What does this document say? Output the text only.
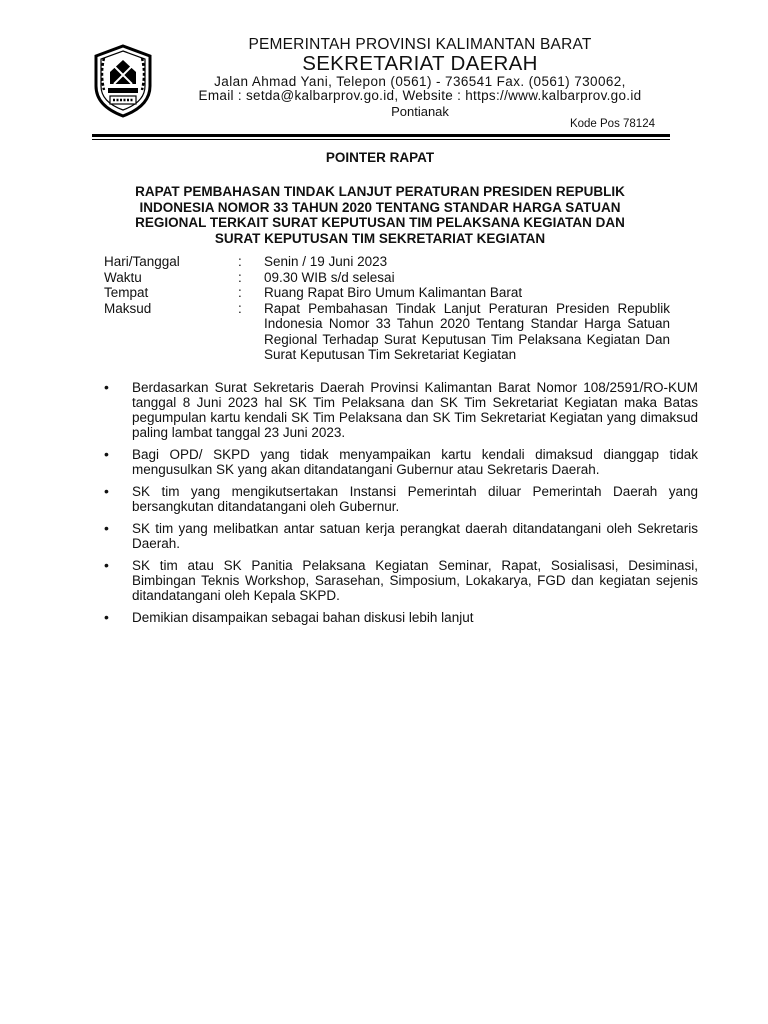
PEMERINTAH PROVINSI KALIMANTAN BARAT
SEKRETARIAT DAERAH
Jalan Ahmad Yani, Telepon (0561) - 736541 Fax. (0561) 730062,
Email : setda@kalbarprov.go.id, Website : https://www.kalbarprov.go.id
Pontianak
Kode Pos 78124
POINTER RAPAT
RAPAT PEMBAHASAN TINDAK LANJUT PERATURAN PRESIDEN REPUBLIK
INDONESIA NOMOR 33 TAHUN 2020 TENTANG STANDAR HARGA SATUAN
REGIONAL TERKAIT SURAT KEPUTUSAN TIM PELAKSANA KEGIATAN DAN
SURAT KEPUTUSAN TIM SEKRETARIAT KEGIATAN
Hari/Tanggal	:	Senin / 19 Juni 2023
Waktu	:	09.30 WIB s/d selesai
Tempat	:	Ruang Rapat Biro Umum Kalimantan Barat
Maksud	:	Rapat Pembahasan Tindak Lanjut Peraturan Presiden Republik Indonesia Nomor 33 Tahun 2020 Tentang Standar Harga Satuan Regional Terhadap Surat Keputusan Tim Pelaksana Kegiatan Dan Surat Keputusan Tim Sekretariat Kegiatan
•	Berdasarkan Surat Sekretaris Daerah Provinsi Kalimantan Barat Nomor 108/2591/RO-KUM tanggal 8 Juni 2023 hal SK Tim Pelaksana dan SK Tim Sekretariat Kegiatan maka Batas pegumpulan kartu kendali SK Tim Pelaksana dan SK Tim Sekretariat Kegiatan yang dimaksud paling lambat tanggal 23 Juni 2023.
•	Bagi OPD/ SKPD yang tidak menyampaikan kartu kendali dimaksud dianggap tidak mengusulkan SK yang akan ditandatangani Gubernur atau Sekretaris Daerah.
•	SK tim yang mengikutsertakan Instansi Pemerintah diluar Pemerintah Daerah yang bersangkutan ditandatangani oleh Gubernur.
•	SK tim yang melibatkan antar satuan kerja perangkat daerah ditandatangani oleh Sekretaris Daerah.
•	SK tim atau SK Panitia Pelaksana Kegiatan Seminar, Rapat, Sosialisasi, Desiminasi, Bimbingan Teknis Workshop, Sarasehan, Simposium, Lokakarya, FGD dan kegiatan sejenis ditandatangani oleh Kepala SKPD.
•	Demikian disampaikan sebagai bahan diskusi lebih lanjut
